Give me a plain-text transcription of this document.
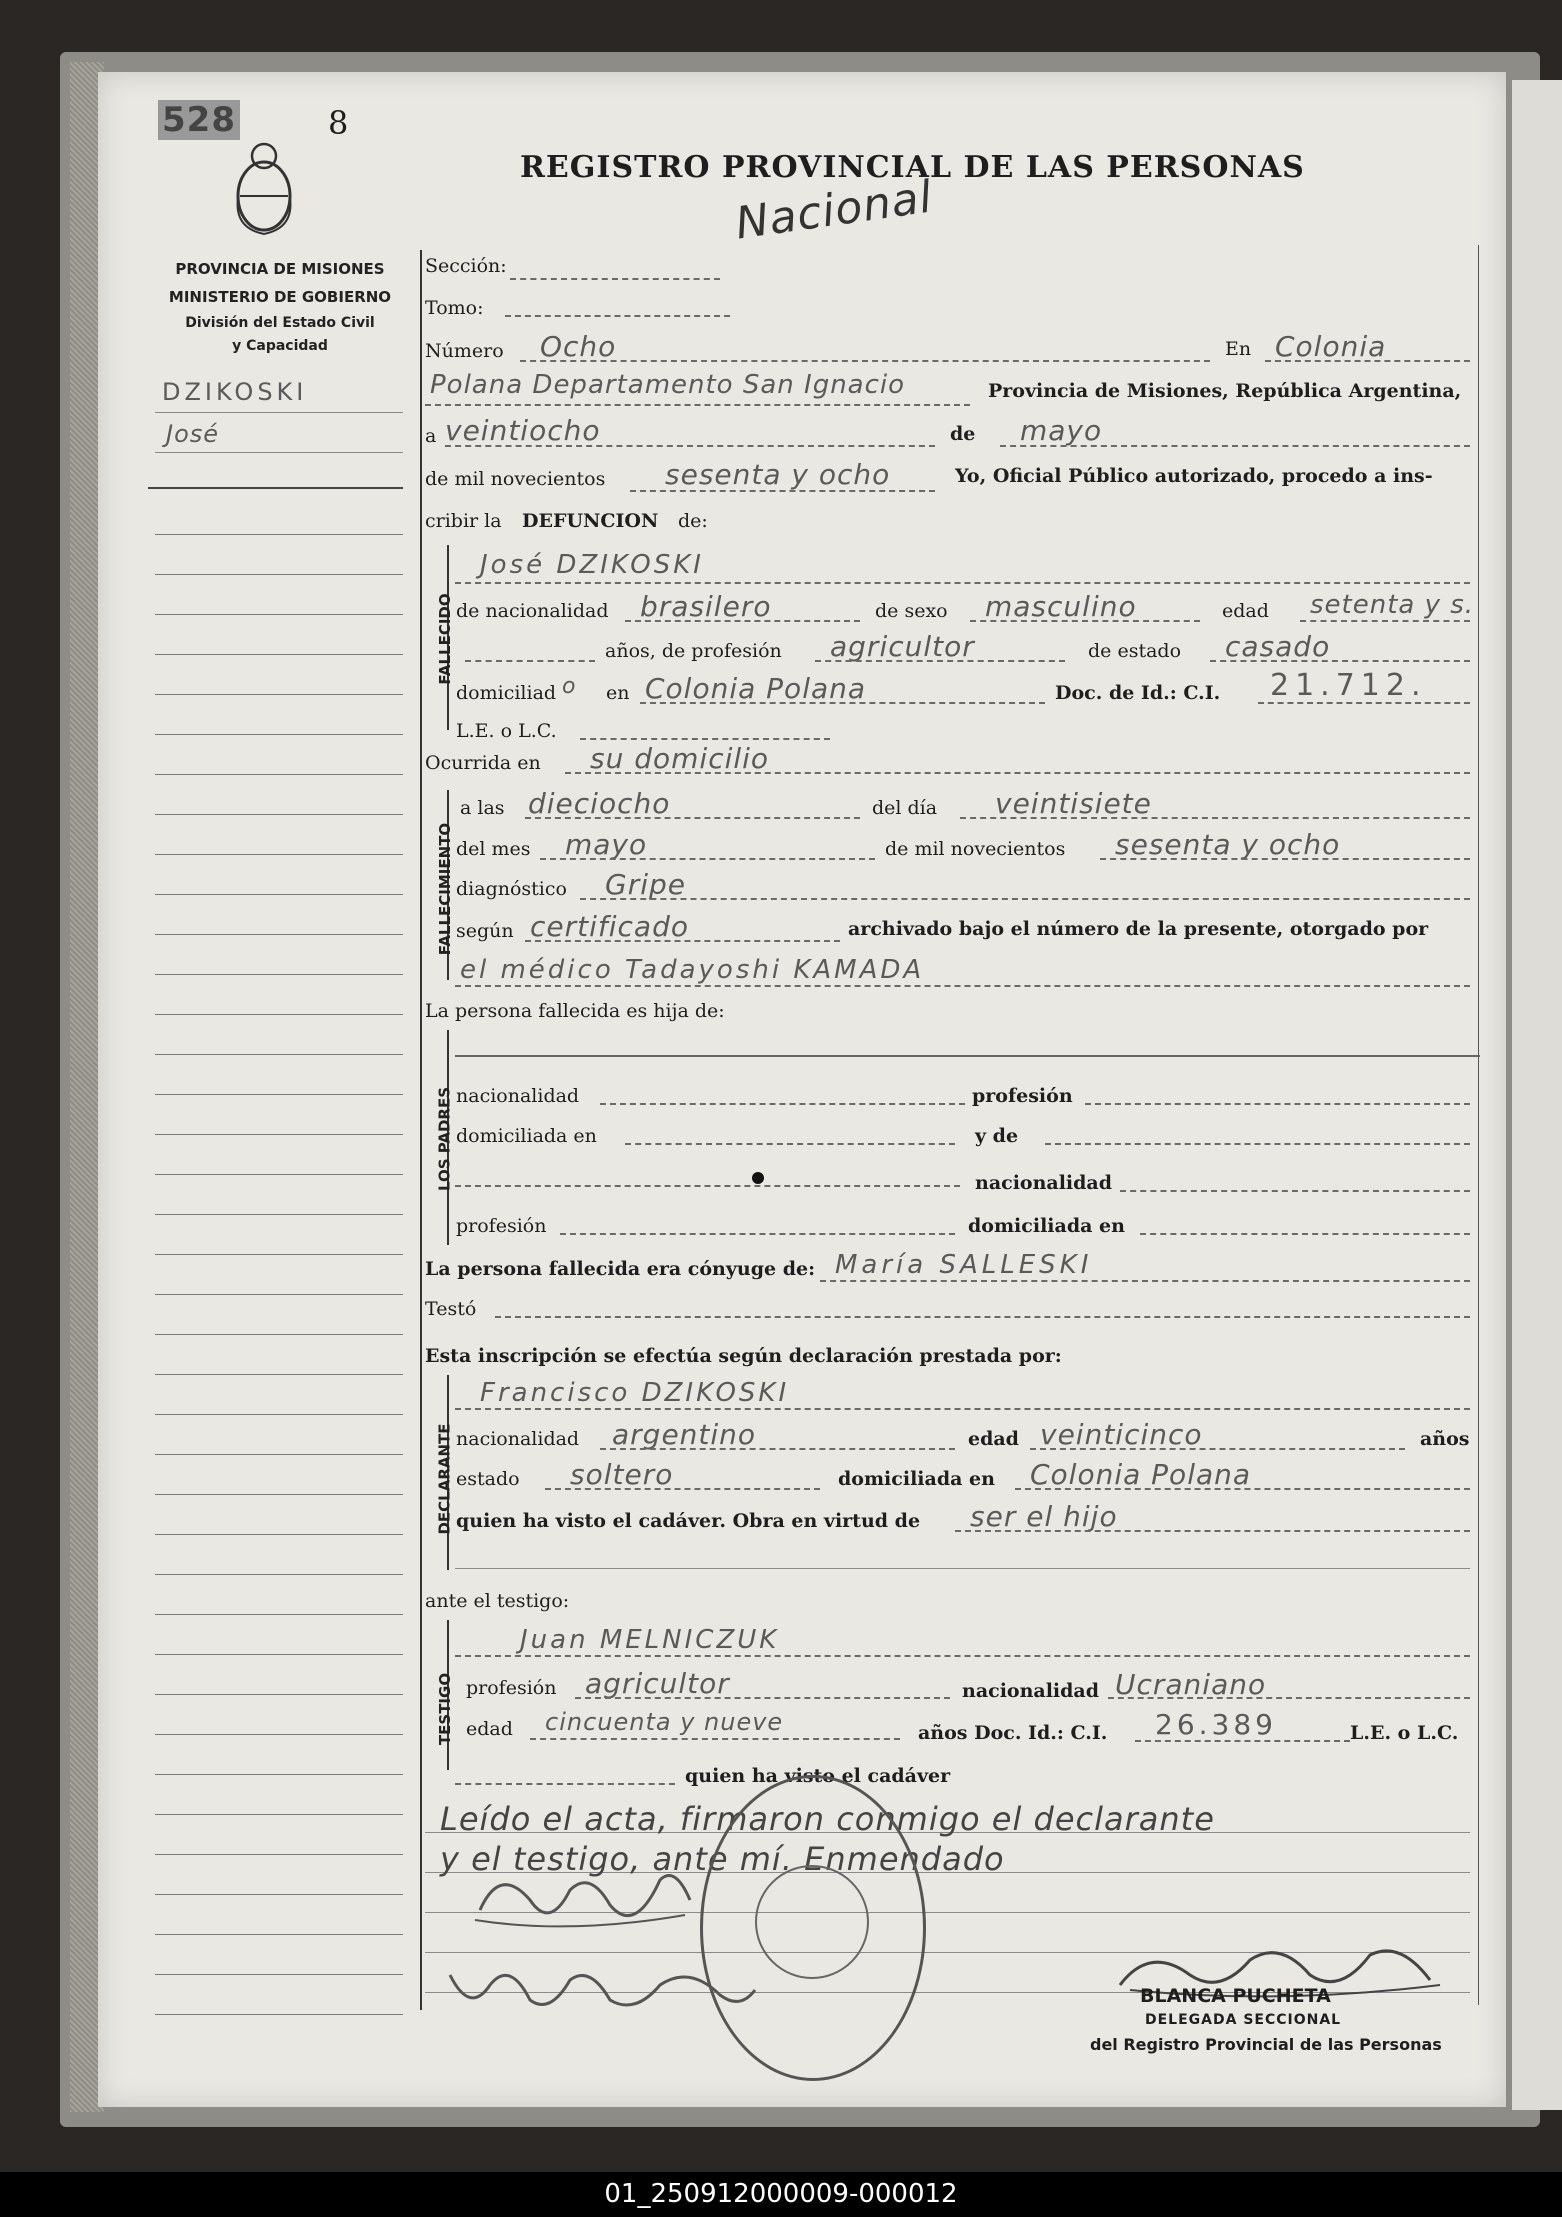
528	8
REGISTRO PROVINCIAL DE LAS PERSONAS
Nacional
PROVINCIA DE MISIONES
MINISTERIO DE GOBIERNO
División del Estado Civil
y Capacidad
DZIKOSKI
José
Sección:
Tomo:
Número Ocho	En Colonia
Polana Departamento San Ignacio	Provincia de Misiones, República Argentina,
a veintiocho	de mayo
de mil novecientos sesenta y ocho	Yo, Oficial Público autorizado, procedo a ins-
cribir la DEFUNCION de:
FALLECIDO
José DZIKOSKI
de nacionalidad brasilero	de sexo masculino	edad setenta y s.
años, de profesión agricultor	de estado casado
domiciliad o en Colonia Polana	Doc. de Id.: C.I. 21.712.
L.E. o L.C.
Ocurrida en su domicilio
FALLECIMIENTO
a las dieciocho	del día veintisiete
del mes mayo	de mil novecientos sesenta y ocho
diagnóstico Gripe
según certificado	archivado bajo el número de la presente, otorgado por
el médico Tadayoshi KAMADA
La persona fallecida es hija de:
LOS PADRES nacionalidad	profesión
domiciliada en	y de
nacionalidad
profesión	domiciliada en
La persona fallecida era cónyuge de: María SALLESKI
Testó
Esta inscripción se efectúa según declaración prestada por:
DECLARANTE
Francisco DZIKOSKI
nacionalidad argentino	edad veinticinco	años
estado soltero	domiciliada en Colonia Polana
quien ha visto el cadáver. Obra en virtud de ser el hijo
ante el testigo:
TESTIGO
Juan MELNICZUK
profesión agricultor	nacionalidad Ucraniano
edad cincuenta y nueve	años Doc. Id.: C.I. 26.389	L.E. o L.C.
quien ha visto el cadáver
Leído el acta, firmaron conmigo el declarante
y el testigo, ante mí. Enmendado
BLANCA PUCHETA
DELEGADA SECCIONAL
del Registro Provincial de las Personas
01_250912000009-000012
